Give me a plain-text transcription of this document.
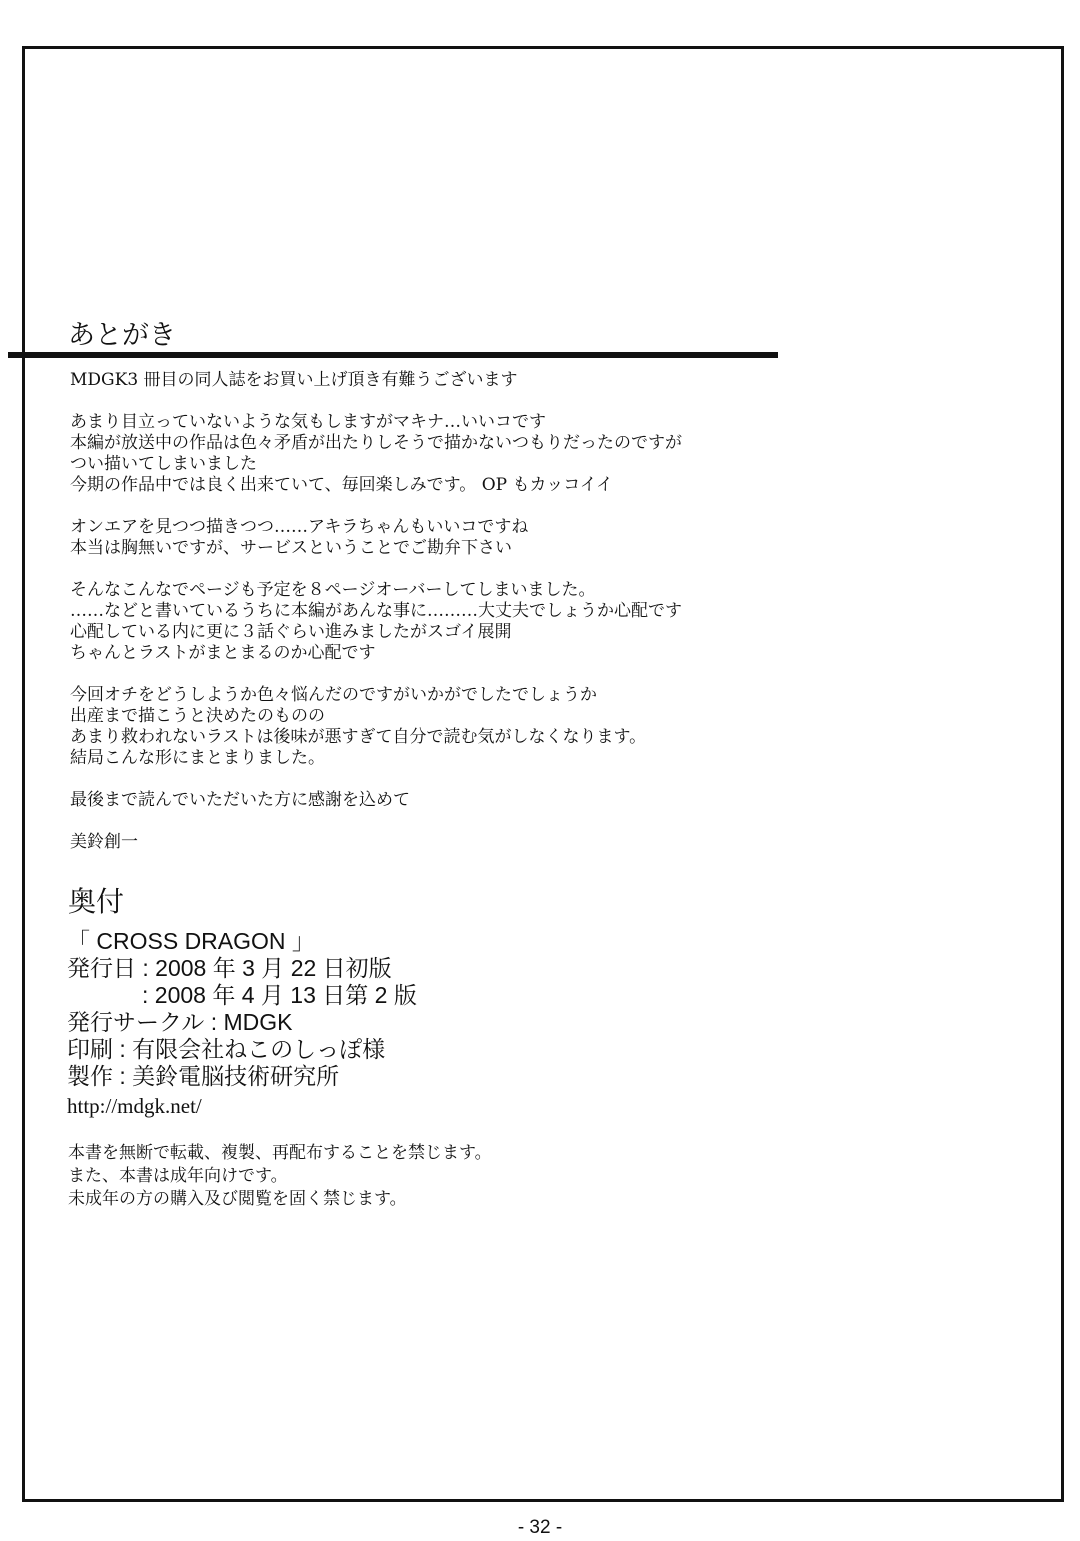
あとがき

MDGK3 冊目の同人誌をお買い上げ頂き有難うございます

あまり目立っていないような気もしますがマキナ…いいコです
本編が放送中の作品は色々矛盾が出たりしそうで描かないつもりだったのですが
つい描いてしまいました
今期の作品中では良く出来ていて、毎回楽しみです。 OP もカッコイイ

オンエアを見つつ描きつつ……アキラちゃんもいいコですね
本当は胸無いですが、サービスということでご勘弁下さい

そんなこんなでページも予定を８ページオーバーしてしまいました。
……などと書いているうちに本編があんな事に………大丈夫でしょうか心配です
心配している内に更に３話ぐらい進みましたがスゴイ展開
ちゃんとラストがまとまるのか心配です

今回オチをどうしようか色々悩んだのですがいかがでしたでしょうか
出産まで描こうと決めたのものの
あまり救われないラストは後味が悪すぎて自分で読む気がしなくなります。
結局こんな形にまとまりました。

最後まで読んでいただいた方に感謝を込めて

美鈴創一

奥付
「 CROSS DRAGON 」
発行日 : 2008 年 3 月 22 日初版
: 2008 年 4 月 13 日第 2 版
発行サークル : MDGK
印刷 : 有限会社ねこのしっぽ様
製作 : 美鈴電脳技術研究所
http://mdgk.net/
本書を無断で転載、複製、再配布することを禁じます。
また、本書は成年向けです。
未成年の方の購入及び閲覧を固く禁じます。
- 32 -
